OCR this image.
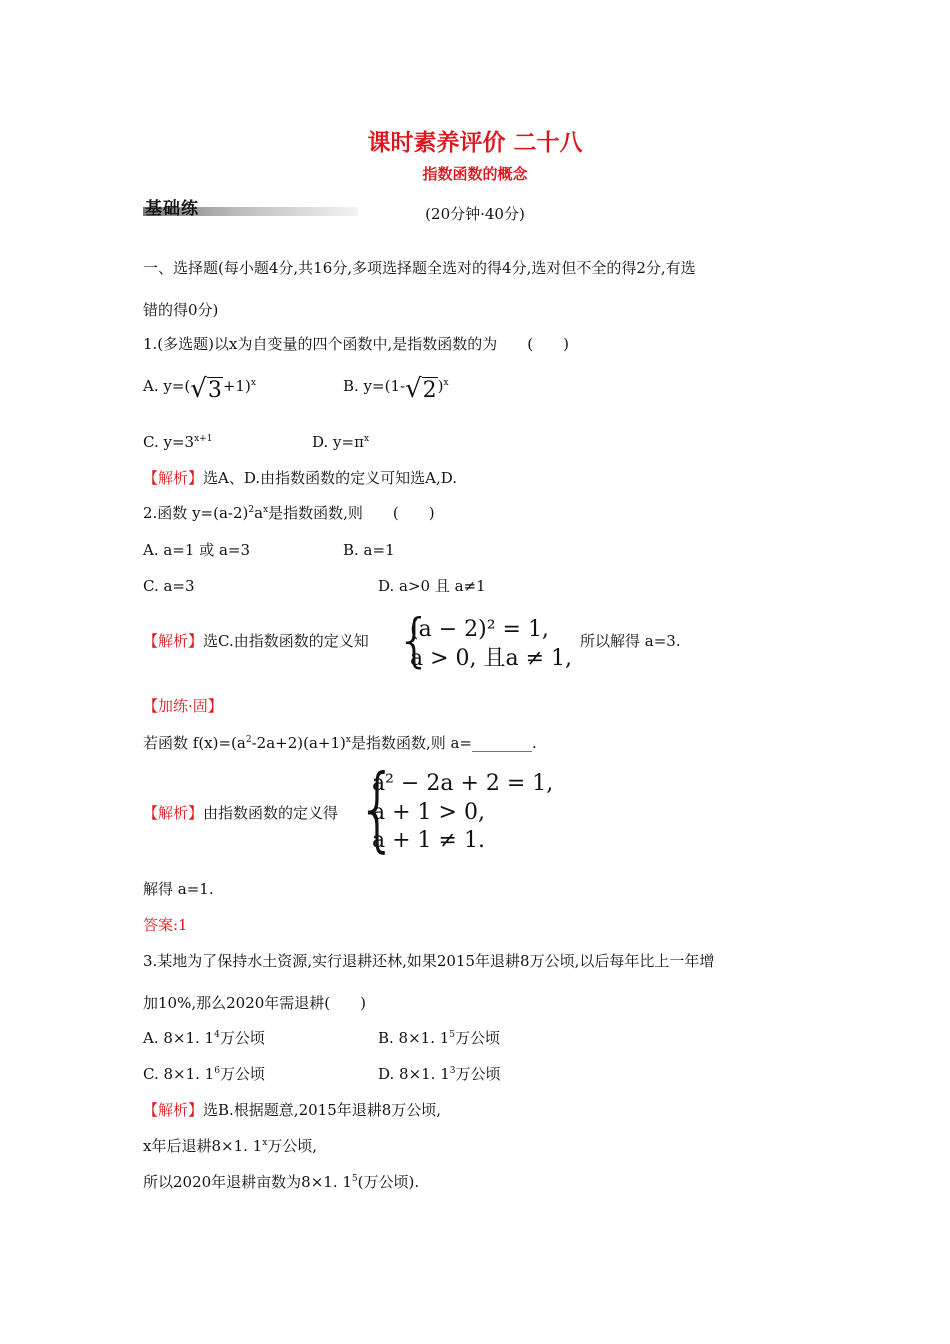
课时素养评价 二十八
指数函数的概念
基础练	(20分钟·40分)
一、选择题(每小题4分,共16分,多项选择题全选对的得4分,选对但不全的得2分,有选
错的得0分)
1.(多选题)以x为自变量的四个函数中,是指数函数的为　　(　　)
A. $y=(√3+1)^x$	B. $y=(1-√2)^x$
C. $y=3^{x+1}$	D. $y=\pi^x$
【解析】选A、D.由指数函数的定义可知选A,D.
2.函数 $y=(a-2)^2a^x$是指数函数,则　　(　　)
A. a=1 或 a=3	B. a=1
C. a=3	D. a>0 且 a≠1
【解析】选C.由指数函数的定义知 {
(a − 2)² = 1,
a > 0, 且a ≠ 1,
所以解得 a=3.
【加练·固】
若函数 $f(x)=(a^2-2a+2)(a+1)^x$是指数函数,则 a=________.
【解析】由指数函数的定义得 {
a² − 2a + 2 = 1,
a + 1 > 0,
a + 1 ≠ 1.
解得 a=1.
答案:1
3.某地为了保持水土资源,实行退耕还林,如果2015年退耕8万公顷,以后每年比上一年增
加10%,那么2020年需退耕(　　)
A. 8×1. $1^4$万公顷	B. 8×1. $1^5$万公顷
C. 8×1. $1^6$万公顷	D. 8×1. $1^3$万公顷
【解析】选B.根据题意,2015年退耕8万公顷,
x年后退耕8×1. 1$^x$万公顷,
所以2020年退耕亩数为8×1. $1^5$(万公顷).
